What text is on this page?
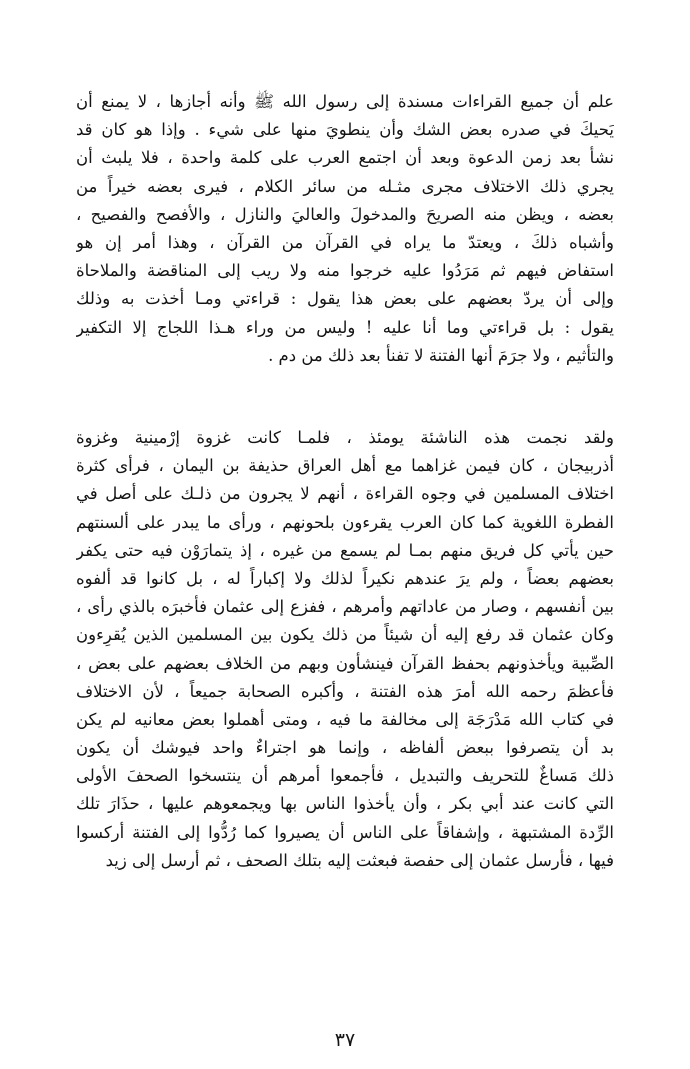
علم أن جميع القراءات مسندة إلى رسول الله ﷺ وأنه أجازها ، لا يمنع أن
يَحيكَ في صدره بعض الشك وأن ينطويَ منها على شيء . وإذا هو كان قد
نشأ بعد زمن الدعوة وبعد أن اجتمع العرب على كلمة واحدة ، فلا يلبث أن
يجري ذلك الاختلاف مجرى مثـله من سائر الكلام ، فيرى بعضه خيراً من
بعضه ، ويظن منه الصريحَ والمدخولَ والعاليَ والنازل ، والأفصح والفصيح ،
وأشباه ذلكَ ، ويعتدّ ما يراه في القرآن من القرآن ، وهذا أمر إن هو
استفاض فيهم ثم مَرَدُوا عليه خرجوا منه ولا ريب إلى المناقضة والملاحاة
وإلى أن يردّ بعضهم على بعض هذا يقول : قراءتي ومـا أخذت به وذلك
يقول : بل قراءتي وما أنا عليه ! وليس من وراء هـذا اللجاج إلا التكفير
والتأثيم ، ولا جرَمَ أنها الفتنة لا تفنأ بعد ذلك من دم .

ولقد نجمت هذه الناشئة يومئذ ، فلمـا كانت غزوة إرْمينية وغزوة
أذربيجان ، كان فيمن غزاهما مع أهل العراق حذيفة بن اليمان ، فرأى كثرة
اختلاف المسلمين في وجوه القراءة ، أنهم لا يجرون من ذلـك على أصل في
الفطرة اللغوية كما كان العرب يقرءون بلحونهم ، ورأى ما يبدر على ألسنتهم
حين يأتي كل فريق منهم بمـا لم يسمع من غيره ، إذ يتمارَوْن فيه حتى يكفر
بعضهم بعضاً ، ولم يرَ عندهم نكيراً لذلك ولا إكباراً له ، بل كانوا قد ألفوه
بين أنفسهم ، وصار من عاداتهم وأمرهم ، ففزع إلى عثمان فأخبرَه بالذي رأى ،
وكان عثمان قد رفع إليه أن شيئاً من ذلك يكون بين المسلمين الذين يُقرِءون
الصِّبية ويأخذونهم بحفظ القرآن فينشأون وبهم من الخلاف بعضهم على بعض ،
فأعظمَ رحمه الله أمرَ هذه الفتنة ، وأكبره الصحابة جميعاً ، لأن الاختلاف
في كتاب الله مَدْرَجَة إلى مخالفة ما فيه ، ومتى أهملوا بعض معانيه لم يكن
بد أن يتصرفوا ببعض ألفاظه ، وإنما هو اجتراءٌ واحد فيوشك أن يكون
ذلك مَساغٌ للتحريف والتبديل ، فأجمعوا أمرهم أن ينتسخوا الصحفَ الأولى
التي كانت عند أبي بكر ، وأن يأخذوا الناس بها ويجمعوهم عليها ، حذَارَ تلك
الرِّدة المشتبهة ، وإشفاقاً على الناس أن يصيروا كما رُدُّوا إلى الفتنة أركسوا
فيها ، فأرسل عثمان إلى حفصة فبعثت إليه بتلك الصحف ، ثم أرسل إلى زيد

٣٧
